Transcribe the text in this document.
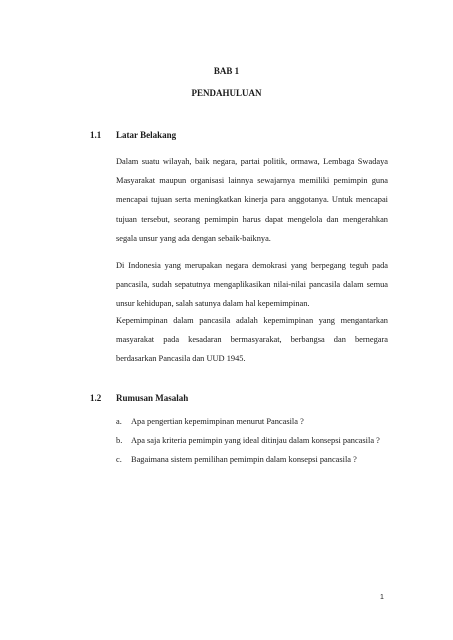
BAB 1
PENDAHULUAN
1.1 Latar Belakang

Dalam suatu wilayah, baik negara, partai politik, ormawa, Lembaga Swadaya Masyarakat maupun organisasi lainnya sewajarnya memiliki pemimpin guna mencapai tujuan serta meningkatkan kinerja para anggotanya. Untuk mencapai tujuan tersebut, seorang pemimpin harus dapat mengelola dan mengerahkan segala unsur yang ada dengan sebaik-baiknya.

Di Indonesia yang merupakan negara demokrasi yang berpegang teguh pada pancasila, sudah sepatutnya mengaplikasikan nilai-nilai pancasila dalam semua unsur kehidupan, salah satunya dalam hal kepemimpinan.

Kepemimpinan dalam pancasila adalah kepemimpinan yang mengantarkan masyarakat pada kesadaran bermasyarakat, berbangsa dan bernegara berdasarkan Pancasila dan UUD 1945.

1.2 Rumusan Masalah
a. Apa pengertian kepemimpinan menurut Pancasila ?
b. Apa saja kriteria pemimpin yang ideal ditinjau dalam konsepsi pancasila ?
c. Bagaimana sistem pemilihan pemimpin dalam konsepsi pancasila ?
1
